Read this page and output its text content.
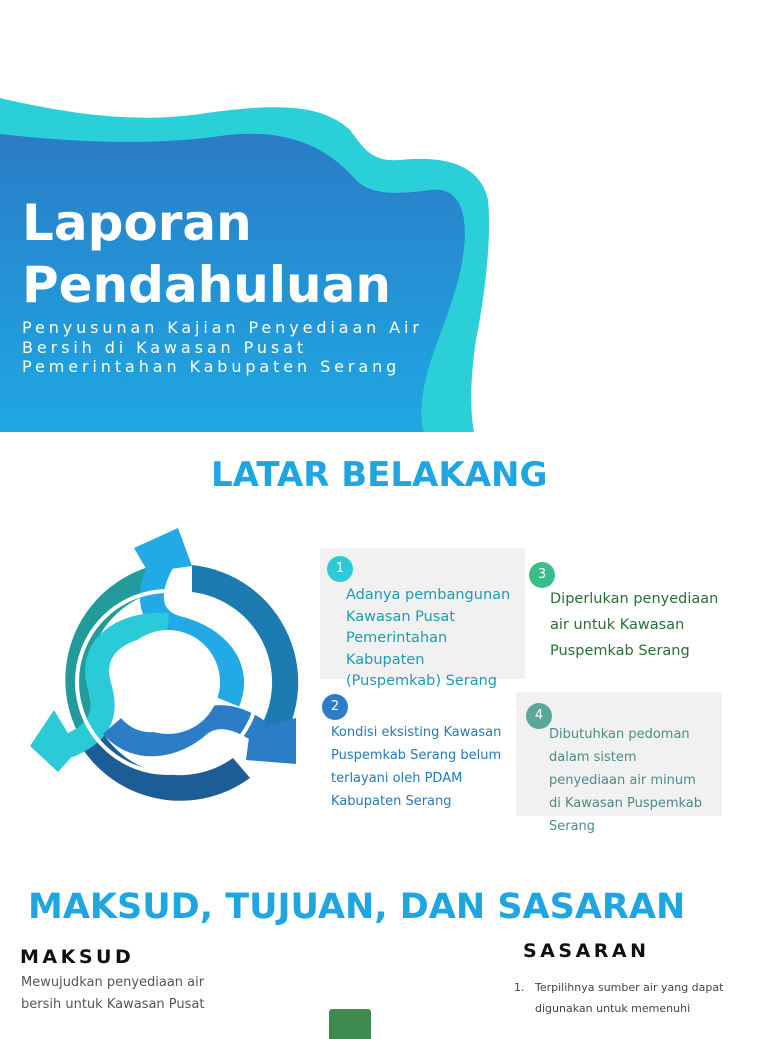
Laporan
Pendahuluan

Penyusunan Kajian Penyediaan Air Bersih di Kawasan Pusat Pemerintahan Kabupaten Serang

LATAR BELAKANG
1

Adanya pembangunan Kawasan Pusat Pemerintahan Kabupaten (Puspemkab) Serang

2

Kondisi eksisting Kawasan Puspemkab Serang belum terlayani oleh PDAM Kabupaten Serang

3

Diperlukan penyediaan air untuk Kawasan Puspemkab Serang

4

Dibutuhkan pedoman dalam sistem penyediaan air minum di Kawasan Puspemkab Serang

MAKSUD, TUJUAN, DAN SASARAN
MAKSUD

Mewujudkan penyediaan air bersih untuk Kawasan Pusat

SASARAN
1. Terpilihnya sumber air yang dapat digunakan untuk memenuhi
